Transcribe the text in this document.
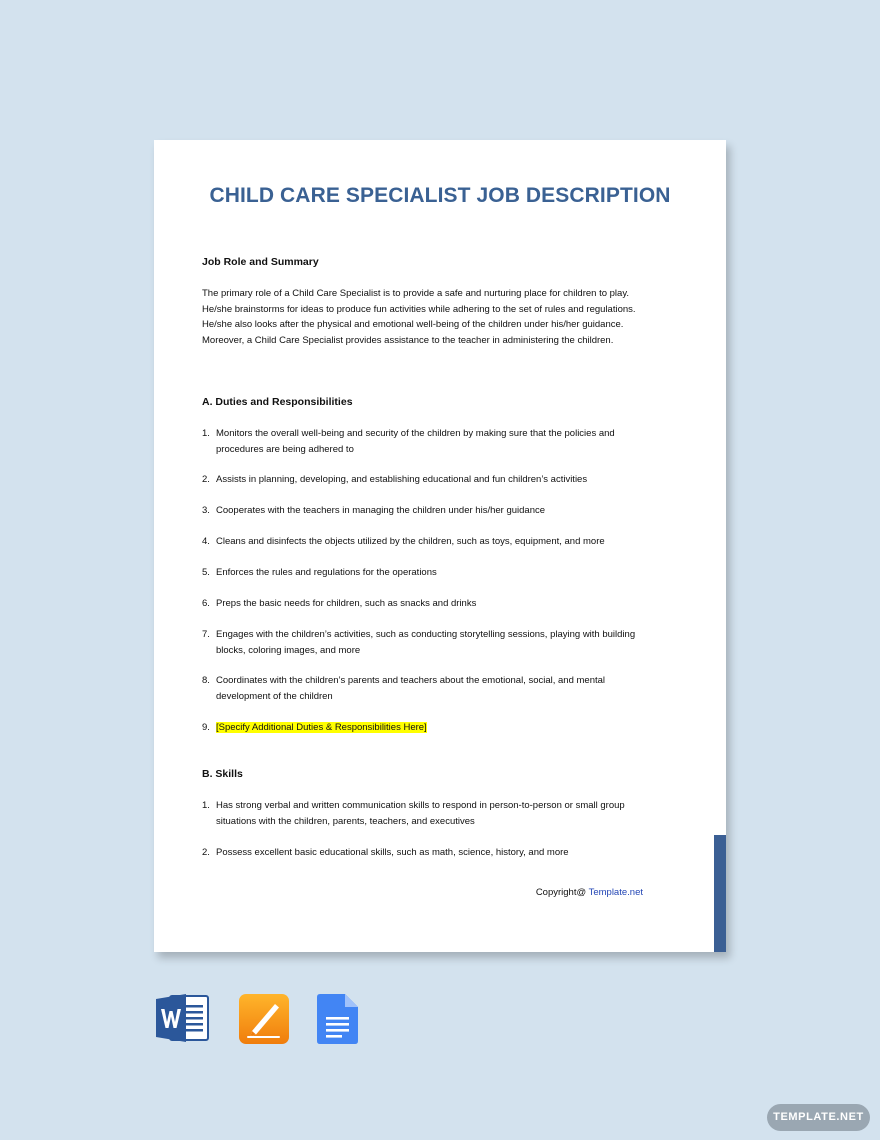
CHILD CARE SPECIALIST JOB DESCRIPTION
Job Role and Summary

The primary role of a Child Care Specialist is to provide a safe and nurturing place for children to play. He/she brainstorms for ideas to produce fun activities while adhering to the set of rules and regulations. He/she also looks after the physical and emotional well-being of the children under his/her guidance. Moreover, a Child Care Specialist provides assistance to the teacher in administering the children.

A. Duties and Responsibilities
1. Monitors the overall well-being and security of the children by making sure that the policies and procedures are being adhered to
2. Assists in planning, developing, and establishing educational and fun children’s activities
3. Cooperates with the teachers in managing the children under his/her guidance
4. Cleans and disinfects the objects utilized by the children, such as toys, equipment, and more
5. Enforces the rules and regulations for the operations
6. Preps the basic needs for children, such as snacks and drinks
7. Engages with the children’s activities, such as conducting storytelling sessions, playing with building blocks, coloring images, and more
8. Coordinates with the children’s parents and teachers about the emotional, social, and mental development of the children
9. [Specify Additional Duties & Responsibilities Here]
B. Skills
1. Has strong verbal and written communication skills to respond in person-to-person or small group situations with the children, parents, teachers, and executives
2. Possess excellent basic educational skills, such as math, science, history, and more
Copyright@ Template.net
TEMPLATE.NET
